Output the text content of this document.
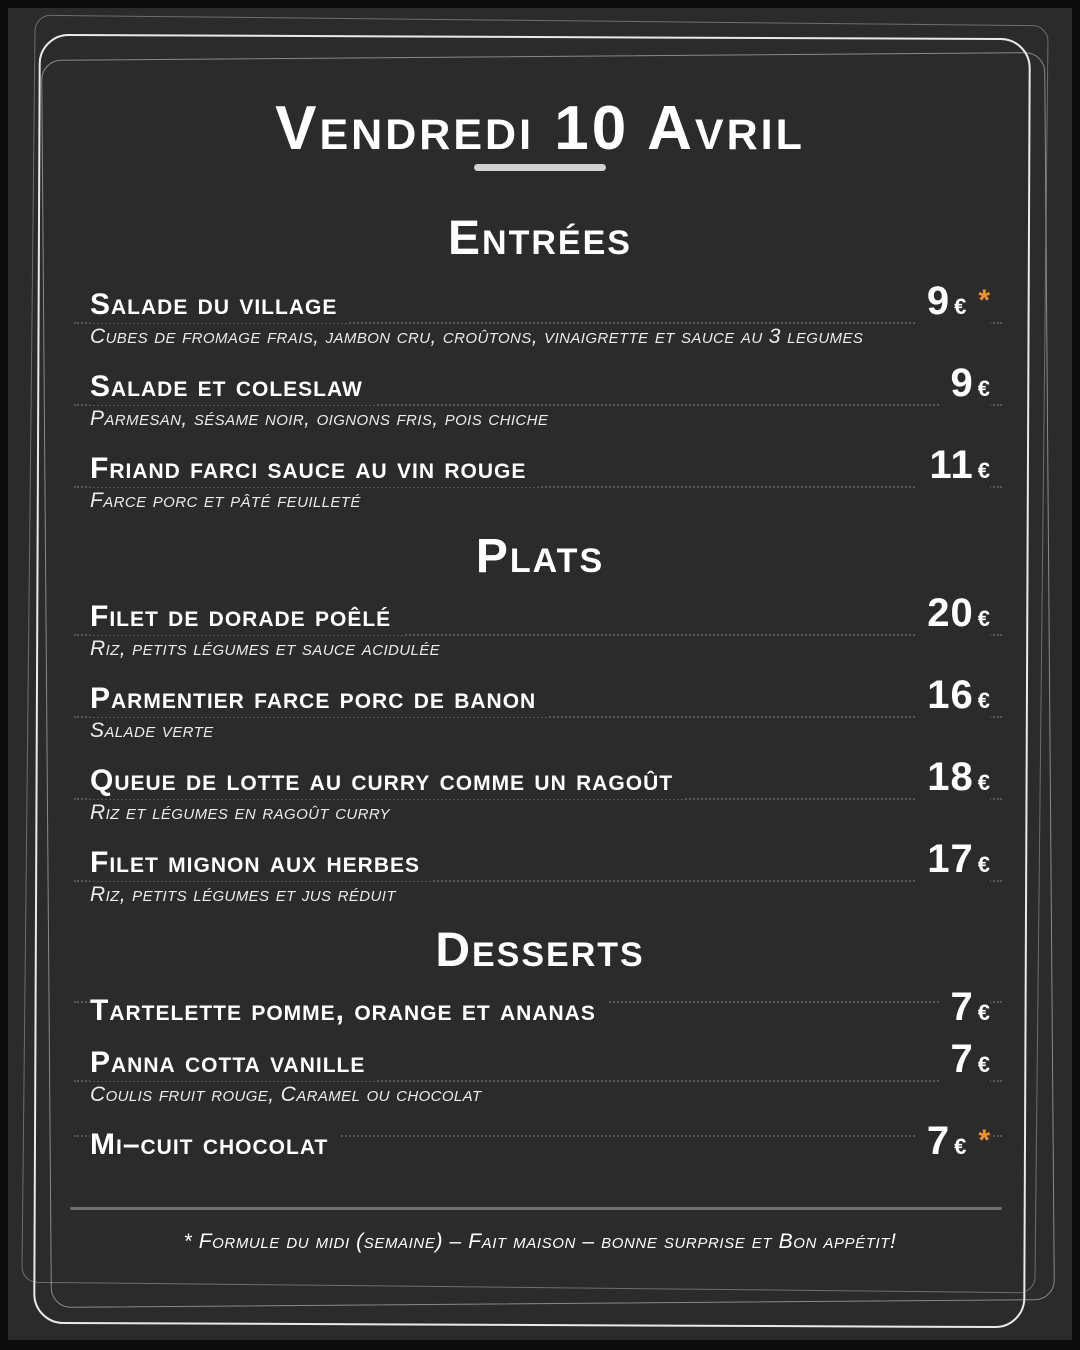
Vendredi 10 Avril
Entrées
Salade du village	9 € *
Cubes de fromage frais, jambon cru, croûtons, vinaigrette et sauce au 3 legumes
Salade et coleslaw	9 €
Parmesan, sésame noir, oignons fris, pois chiche
Friand farci sauce au vin rouge	11 €
Farce porc et pâté feuilleté
Plats
Filet de dorade poêlé	20 €
Riz, petits légumes et sauce acidulée
Parmentier farce porc de banon	16 €
Salade verte
Queue de lotte au curry comme un ragoût	18 €
Riz et légumes en ragoût curry
Filet mignon aux herbes	17 €
Riz, petits légumes et jus réduit
Desserts
Tartelette pomme, orange et ananas	7 €
Panna cotta vanille	7 €
Coulis fruit rouge, Caramel ou chocolat
Mi–cuit chocolat	7 € *

* Formule du midi (semaine) – Fait maison – bonne surprise et Bon appétit!
